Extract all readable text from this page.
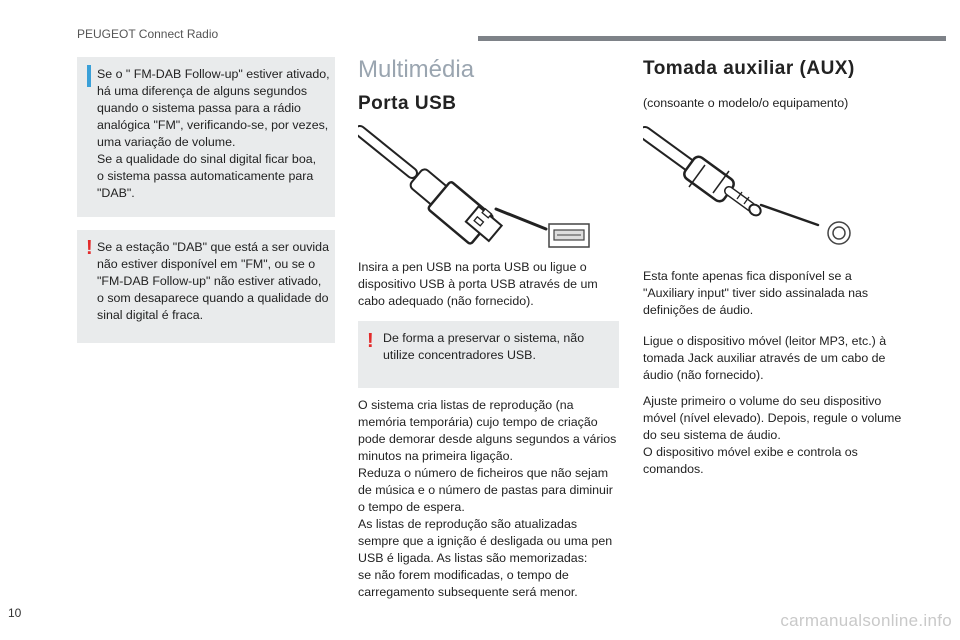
PEUGEOT Connect Radio
Se o " FM-DAB Follow-up" estiver ativado,
há uma diferença de alguns segundos
quando o sistema passa para a rádio
analógica "FM", verificando-se, por vezes,
uma variação de volume.
Se a qualidade do sinal digital ficar boa,
o sistema passa automaticamente para
"DAB".
! Se a estação "DAB" que está a ser ouvida
não estiver disponível em "FM", ou se o
"FM-DAB Follow-up" não estiver ativado,
o som desaparece quando a qualidade do
sinal digital é fraca.
Multimédia
Porta USB
Insira a pen USB na porta USB ou ligue o
dispositivo USB à porta USB através de um
cabo adequado (não fornecido).
! De forma a preservar o sistema, não
utilize concentradores USB.
O sistema cria listas de reprodução (na
memória temporária) cujo tempo de criação
pode demorar desde alguns segundos a vários
minutos na primeira ligação.
Reduza o número de ficheiros que não sejam
de música e o número de pastas para diminuir
o tempo de espera.
As listas de reprodução são atualizadas
sempre que a ignição é desligada ou uma pen
USB é ligada. As listas são memorizadas:
se não forem modificadas, o tempo de
carregamento subsequente será menor.
Tomada auxiliar (AUX)
(consoante o modelo/o equipamento)
Esta fonte apenas fica disponível se a
"Auxiliary input" tiver sido assinalada nas
definições de áudio.
Ligue o dispositivo móvel (leitor MP3, etc.) à
tomada Jack auxiliar através de um cabo de
áudio (não fornecido).
Ajuste primeiro o volume do seu dispositivo
móvel (nível elevado). Depois, regule o volume
do seu sistema de áudio.
O dispositivo móvel exibe e controla os
comandos.
10	carmanualsonline.info
